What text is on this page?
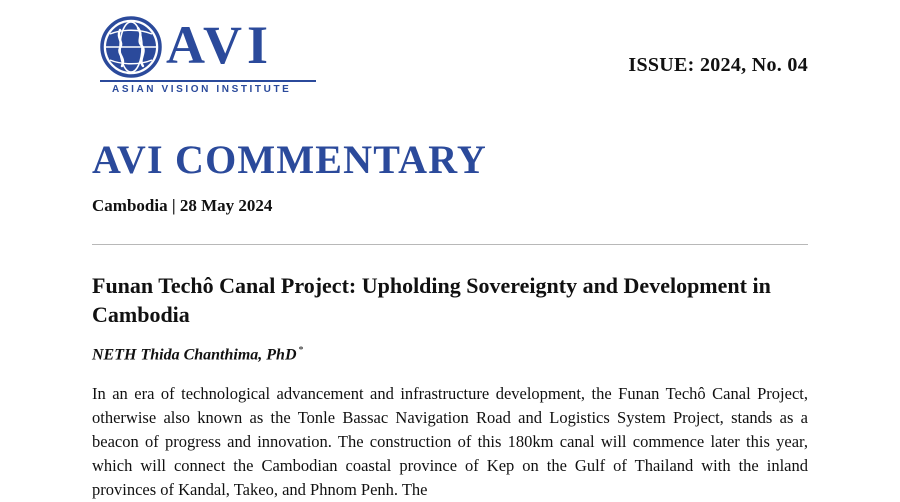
AVI
ASIAN VISION INSTITUTE
ISSUE: 2024, No. 04
AVI COMMENTARY
Cambodia | 28 May 2024
Funan Techô Canal Project: Upholding Sovereignty and Development in Cambodia
NETH Thida Chanthima, PhD *

In an era of technological advancement and infrastructure development, the Funan Techô Canal Project, otherwise also known as the Tonle Bassac Navigation Road and Logistics System Project, stands as a beacon of progress and innovation. The construction of this 180km canal will commence later this year, which will connect the Cambodian coastal province of Kep on the Gulf of Thailand with the inland provinces of Kandal, Takeo, and Phnom Penh. The
